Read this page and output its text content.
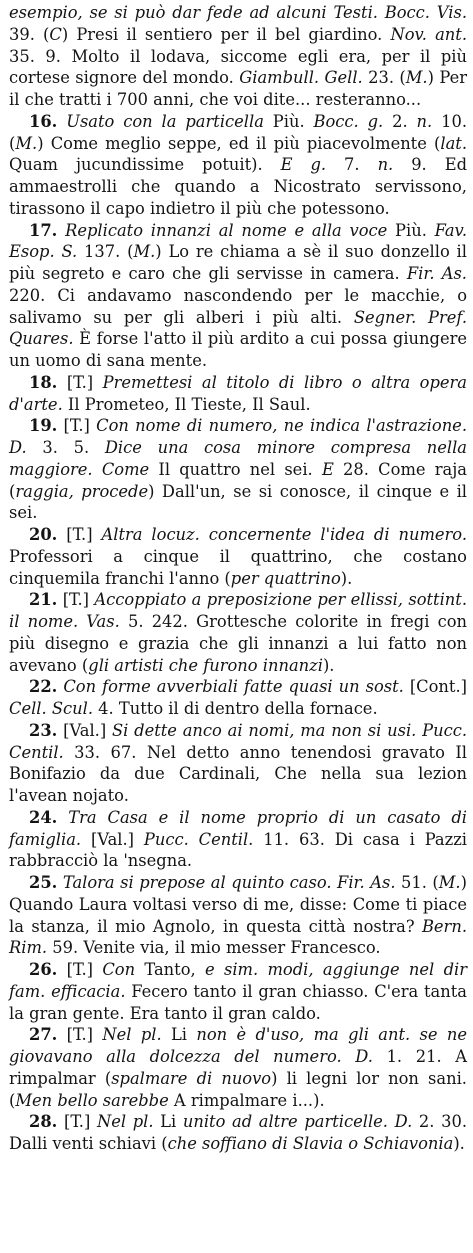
esempio, se si può dar fede ad alcuni Testi. Bocc. Vis. 39. (C) Presi il sentiero per il bel giardino. Nov. ant. 35. 9. Molto il lodava, siccome egli era, per il più cortese signore del mondo. Giambull. Gell. 23. (M.) Per il che tratti i 700 anni, che voi dite... resteranno...

16. Usato con la particella Più. Bocc. g. 2. n. 10. (M.) Come meglio seppe, ed il più piacevolmente (lat. Quam jucundissime potuit). E g. 7. n. 9. Ed ammaestrolli che quando a Nicostrato servissono, tirassono il capo indietro il più che potessono.

17. Replicato innanzi al nome e alla voce Più. Fav. Esop. S. 137. (M.) Lo re chiama a sè il suo donzello il più segreto e caro che gli servisse in camera. Fir. As. 220. Ci andavamo nascondendo per le macchie, o salivamo su per gli alberi i più alti. Segner. Pref. Quares. È forse l'atto il più ardito a cui possa giungere un uomo di sana mente.

18. [T.] Premettesi al titolo di libro o altra opera d'arte. Il Prometeo, Il Tieste, Il Saul.

19. [T.] Con nome di numero, ne indica l'astrazione. D. 3. 5. Dice una cosa minore compresa nella maggiore. Come Il quattro nel sei. E 28. Come raja (raggia, procede) Dall'un, se si conosce, il cinque e il sei.

20. [T.] Altra locuz. concernente l'idea di numero. Professori a cinque il quattrino, che costano cinquemila franchi l'anno (per quattrino).

21. [T.] Accoppiato a preposizione per ellissi, sottint. il nome. Vas. 5. 242. Grottesche colorite in fregi con più disegno e grazia che gli innanzi a lui fatto non avevano (gli artisti che furono innanzi).

22. Con forme avverbiali fatte quasi un sost. [Cont.] Cell. Scul. 4. Tutto il di dentro della fornace.

23. [Val.] Si dette anco ai nomi, ma non si usi. Pucc. Centil. 33. 67. Nel detto anno tenendosi gravato Il Bonifazio da due Cardinali, Che nella sua lezion l'avean nojato.

24. Tra Casa e il nome proprio di un casato di famiglia. [Val.] Pucc. Centil. 11. 63. Di casa i Pazzi rabbracciò la 'nsegna.

25. Talora si prepose al quinto caso. Fir. As. 51. (M.) Quando Laura voltasi verso di me, disse: Come ti piace la stanza, il mio Agnolo, in questa città nostra? Bern. Rim. 59. Venite via, il mio messer Francesco.

26. [T.] Con Tanto, e sim. modi, aggiunge nel dir fam. efficacia. Fecero tanto il gran chiasso. C'era tanta la gran gente. Era tanto il gran caldo.

27. [T.] Nel pl. Li non è d'uso, ma gli ant. se ne giovavano alla dolcezza del numero. D. 1. 21. A rimpalmar (spalmare di nuovo) li legni lor non sani. (Men bello sarebbe A rimpalmare i...).

28. [T.] Nel pl. Li unito ad altre particelle. D. 2. 30. Dalli venti schiavi (che soffiano di Slavia o Schiavonia).
